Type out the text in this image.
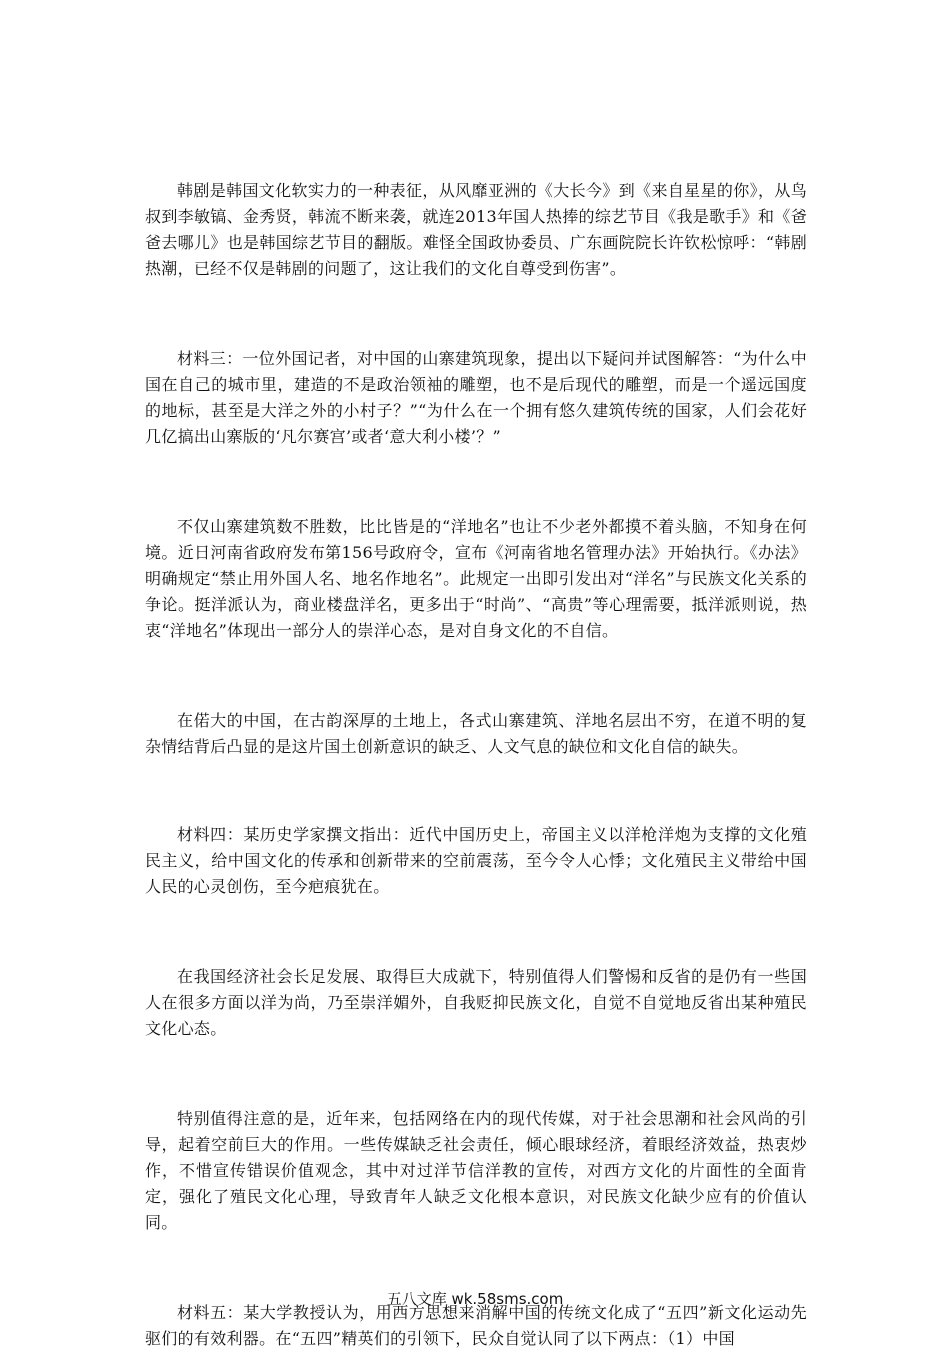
韩剧是韩国文化软实力的一种表征，从风靡亚洲的《大长今》到《来自星星的你》，从鸟叔到李敏镐、金秀贤，韩流不断来袭，就连2013年国人热捧的综艺节目《我是歌手》和《爸爸去哪儿》也是韩国综艺节目的翻版。难怪全国政协委员、广东画院院长许钦松惊呼：“韩剧热潮，已经不仅是韩剧的问题了，这让我们的文化自尊受到伤害”。

材料三：一位外国记者，对中国的山寨建筑现象，提出以下疑问并试图解答：“为什么中国在自己的城市里，建造的不是政治领袖的雕塑，也不是后现代的雕塑，而是一个遥远国度的地标，甚至是大洋之外的小村子？”“为什么在一个拥有悠久建筑传统的国家，人们会花好几亿搞出山寨版的‘凡尔赛宫’或者‘意大利小楼’？”

不仅山寨建筑数不胜数，比比皆是的“洋地名”也让不少老外都摸不着头脑，不知身在何境。近日河南省政府发布第156号政府令，宣布《河南省地名管理办法》开始执行。《办法》明确规定“禁止用外国人名、地名作地名”。此规定一出即引发出对“洋名”与民族文化关系的争论。挺洋派认为，商业楼盘洋名，更多出于“时尚”、“高贵”等心理需要，抵洋派则说，热衷“洋地名”体现出一部分人的崇洋心态，是对自身文化的不自信。

在偌大的中国，在古韵深厚的土地上，各式山寨建筑、洋地名层出不穷，在道不明的复杂情结背后凸显的是这片国土创新意识的缺乏、人文气息的缺位和文化自信的缺失。

材料四：某历史学家撰文指出：近代中国历史上，帝国主义以洋枪洋炮为支撑的文化殖民主义，给中国文化的传承和创新带来的空前震荡，至今令人心悸；文化殖民主义带给中国人民的心灵创伤，至今疤痕犹在。

在我国经济社会长足发展、取得巨大成就下，特别值得人们警惕和反省的是仍有一些国人在很多方面以洋为尚，乃至崇洋媚外，自我贬抑民族文化，自觉不自觉地反省出某种殖民文化心态。

特别值得注意的是，近年来，包括网络在内的现代传媒，对于社会思潮和社会风尚的引导，起着空前巨大的作用。一些传媒缺乏社会责任，倾心眼球经济，着眼经济效益，热衷炒作，不惜宣传错误价值观念，其中对过洋节信洋教的宣传，对西方文化的片面性的全面肯定，强化了殖民文化心理，导致青年人缺乏文化根本意识，对民族文化缺少应有的价值认同。

材料五：某大学教授认为，用西方思想来消解中国的传统文化成了“五四”新文化运动先驱们的有效利器。在“五四”精英们的引领下，民众自觉认同了以下两点：（1）中国

五八文库 wk.58sms.com
